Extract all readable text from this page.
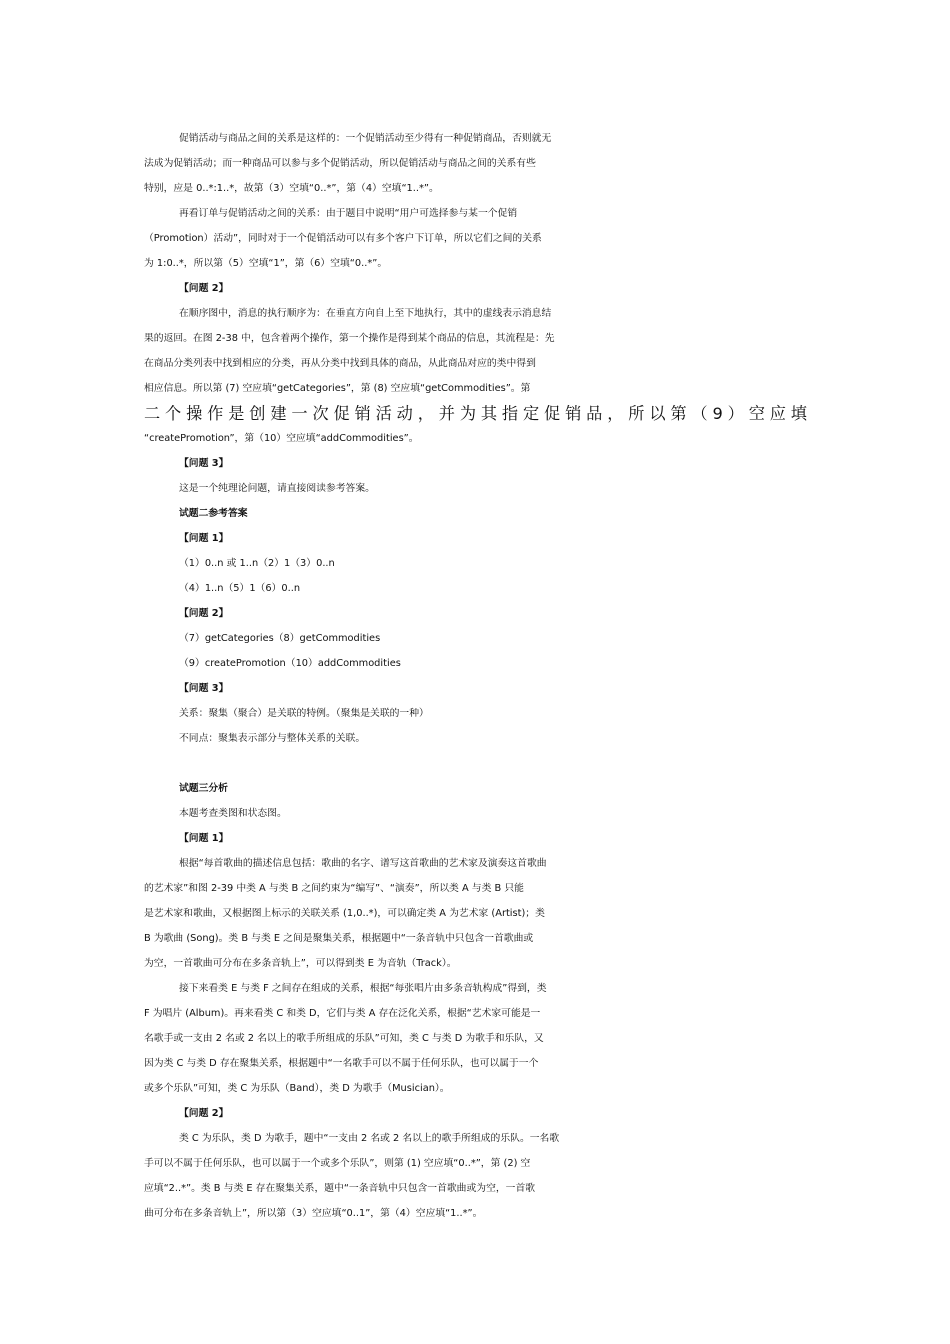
促销活动与商品之间的关系是这样的：一个促销活动至少得有一种促销商品，否则就无

法成为促销活动；而一种商品可以参与多个促销活动，所以促销活动与商品之间的关系有些

特别，应是 0..*:1..*，故第（3）空填“0..*”，第（4）空填“1..*”。

再看订单与促销活动之间的关系：由于题目中说明“用户可选择参与某一个促销

（Promotion）活动”，同时对于一个促销活动可以有多个客户下订单，所以它们之间的关系

为 1:0..*，所以第（5）空填“1”，第（6）空填“0..*”。

【问题 2】

在顺序图中，消息的执行顺序为：在垂直方向自上至下地执行，其中的虚线表示消息结

果的返回。在图 2-38 中，包含着两个操作，第一个操作是得到某个商品的信息，其流程是：先

在商品分类列表中找到相应的分类，再从分类中找到具体的商品，从此商品对应的类中得到

相应信息。所以第 (7) 空应填“getCategories”，第 (8) 空应填“getCommodities”。第

二个操作是创建一次促销活动，并为其指定促销品，所以第（9）空应填

“createPromotion”，第（10）空应填“addCommodities”。

【问题 3】

这是一个纯理论问题，请直接阅读参考答案。

试题二参考答案

【问题 1】

（1）0..n 或 1..n（2）1（3）0..n

（4）1..n（5）1（6）0..n

【问题 2】

（7）getCategories（8）getCommodities

（9）createPromotion（10）addCommodities

【问题 3】

关系：聚集（聚合）是关联的特例。（聚集是关联的一种）

不同点：聚集表示部分与整体关系的关联。

试题三分析

本题考查类图和状态图。

【问题 1】

根据“每首歌曲的描述信息包括：歌曲的名字、谱写这首歌曲的艺术家及演奏这首歌曲

的艺术家”和图 2-39 中类 A 与类 B 之间约束为“编写”、“演奏”，所以类 A 与类 B 只能

是艺术家和歌曲，又根据图上标示的关联关系 (1,0..*)，可以确定类 A 为艺术家 (Artist)；类

B 为歌曲 (Song)。类 B 与类 E 之间是聚集关系，根据题中“一条音轨中只包含一首歌曲或

为空，一首歌曲可分布在多条音轨上”，可以得到类 E 为音轨（Track）。

接下来看类 E 与类 F 之间存在组成的关系，根据“每张唱片由多条音轨构成”得到，类

F 为唱片 (Album)。再来看类 C 和类 D，它们与类 A 存在泛化关系，根据“艺术家可能是一

名歌手或一支由 2 名或 2 名以上的歌手所组成的乐队”可知，类 C 与类 D 为歌手和乐队，又

因为类 C 与类 D 存在聚集关系，根据题中“一名歌手可以不属于任何乐队，也可以属于一个

或多个乐队”可知，类 C 为乐队（Band），类 D 为歌手（Musician）。

【问题 2】

类 C 为乐队，类 D 为歌手，题中“一支由 2 名或 2 名以上的歌手所组成的乐队。一名歌

手可以不属于任何乐队，也可以属于一个或多个乐队”，则第 (1) 空应填“0..*”，第 (2) 空

应填“2..*”。类 B 与类 E 存在聚集关系，题中“一条音轨中只包含一首歌曲或为空，一首歌

曲可分布在多条音轨上”，所以第（3）空应填“0..1”，第（4）空应填“1..*”。
